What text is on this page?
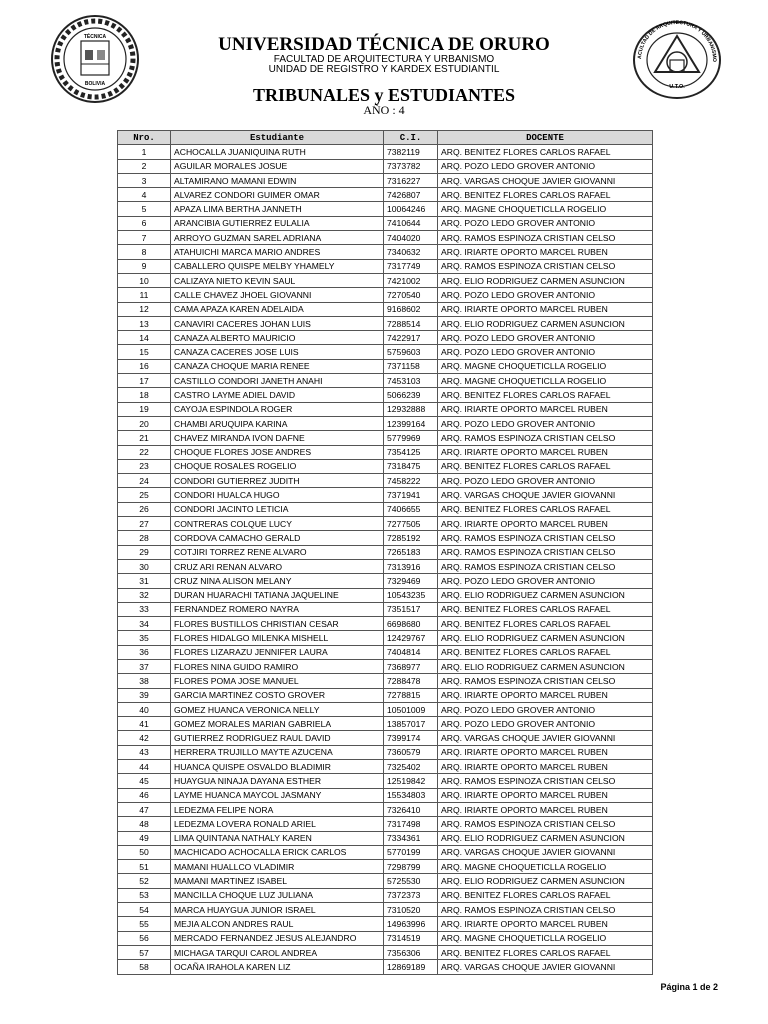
TÉCNICA
BOLIVIA
ACULTAD DE ARQUITECTURA Y URBANISMO
U.T.O.
UNIVERSIDAD TÉCNICA DE ORURO
FACULTAD DE ARQUITECTURA Y URBANISMO
UNIDAD DE REGISTRO Y KARDEX ESTUDIANTIL
TRIBUNALES y ESTUDIANTES
AÑO : 4
Nro.	Estudiante	C.I.	DOCENTE
1	ACHOCALLA JUANIQUINA RUTH	7382119	ARQ. BENITEZ FLORES CARLOS RAFAEL
2	AGUILAR MORALES JOSUE	7373782	ARQ. POZO LEDO GROVER ANTONIO
3	ALTAMIRANO MAMANI EDWIN	7316227	ARQ. VARGAS CHOQUE JAVIER GIOVANNI
4	ALVAREZ CONDORI GUIMER OMAR	7426807	ARQ. BENITEZ FLORES CARLOS RAFAEL
5	APAZA LIMA BERTHA JANNETH	10064246	ARQ. MAGNE CHOQUETICLLA ROGELIO
6	ARANCIBIA GUTIERREZ EULALIA	7410644	ARQ. POZO LEDO GROVER ANTONIO
7	ARROYO GUZMAN SAREL ADRIANA	7404020	ARQ. RAMOS ESPINOZA CRISTIAN CELSO
8	ATAHUICHI MARCA MARIO ANDRES	7340632	ARQ. IRIARTE OPORTO MARCEL RUBEN
9	CABALLERO QUISPE MELBY YHAMELY	7317749	ARQ. RAMOS ESPINOZA CRISTIAN CELSO
10	CALIZAYA NIETO KEVIN SAUL	7421002	ARQ. ELIO RODRIGUEZ CARMEN ASUNCION
11	CALLE CHAVEZ JHOEL GIOVANNI	7270540	ARQ. POZO LEDO GROVER ANTONIO
12	CAMA APAZA KAREN ADELAIDA	9168602	ARQ. IRIARTE OPORTO MARCEL RUBEN
13	CANAVIRI CACERES JOHAN LUIS	7288514	ARQ. ELIO RODRIGUEZ CARMEN ASUNCION
14	CANAZA ALBERTO MAURICIO	7422917	ARQ. POZO LEDO GROVER ANTONIO
15	CANAZA CACERES JOSE LUIS	5759603	ARQ. POZO LEDO GROVER ANTONIO
16	CANAZA CHOQUE MARIA RENEE	7371158	ARQ. MAGNE CHOQUETICLLA ROGELIO
17	CASTILLO CONDORI JANETH ANAHI	7453103	ARQ. MAGNE CHOQUETICLLA ROGELIO
18	CASTRO LAYME ADIEL DAVID	5066239	ARQ. BENITEZ FLORES CARLOS RAFAEL
19	CAYOJA ESPINDOLA ROGER	12932888	ARQ. IRIARTE OPORTO MARCEL RUBEN
20	CHAMBI ARUQUIPA KARINA	12399164	ARQ. POZO LEDO GROVER ANTONIO
21	CHAVEZ MIRANDA IVON DAFNE	5779969	ARQ. RAMOS ESPINOZA CRISTIAN CELSO
22	CHOQUE FLORES JOSE ANDRES	7354125	ARQ. IRIARTE OPORTO MARCEL RUBEN
23	CHOQUE ROSALES ROGELIO	7318475	ARQ. BENITEZ FLORES CARLOS RAFAEL
24	CONDORI GUTIERREZ JUDITH	7458222	ARQ. POZO LEDO GROVER ANTONIO
25	CONDORI HUALCA HUGO	7371941	ARQ. VARGAS CHOQUE JAVIER GIOVANNI
26	CONDORI JACINTO LETICIA	7406655	ARQ. BENITEZ FLORES CARLOS RAFAEL
27	CONTRERAS COLQUE LUCY	7277505	ARQ. IRIARTE OPORTO MARCEL RUBEN
28	CORDOVA CAMACHO GERALD	7285192	ARQ. RAMOS ESPINOZA CRISTIAN CELSO
29	COTJIRI TORREZ RENE ALVARO	7265183	ARQ. RAMOS ESPINOZA CRISTIAN CELSO
30	CRUZ ARI RENAN ALVARO	7313916	ARQ. RAMOS ESPINOZA CRISTIAN CELSO
31	CRUZ NINA ALISON MELANY	7329469	ARQ. POZO LEDO GROVER ANTONIO
32	DURAN HUARACHI TATIANA JAQUELINE	10543235	ARQ. ELIO RODRIGUEZ CARMEN ASUNCION
33	FERNANDEZ ROMERO NAYRA	7351517	ARQ. BENITEZ FLORES CARLOS RAFAEL
34	FLORES BUSTILLOS CHRISTIAN CESAR	6698680	ARQ. BENITEZ FLORES CARLOS RAFAEL
35	FLORES HIDALGO MILENKA MISHELL	12429767	ARQ. ELIO RODRIGUEZ CARMEN ASUNCION
36	FLORES LIZARAZU JENNIFER LAURA	7404814	ARQ. BENITEZ FLORES CARLOS RAFAEL
37	FLORES NINA GUIDO RAMIRO	7368977	ARQ. ELIO RODRIGUEZ CARMEN ASUNCION
38	FLORES POMA JOSE MANUEL	7288478	ARQ. RAMOS ESPINOZA CRISTIAN CELSO
39	GARCIA MARTINEZ COSTO GROVER	7278815	ARQ. IRIARTE OPORTO MARCEL RUBEN
40	GOMEZ HUANCA VERONICA NELLY	10501009	ARQ. POZO LEDO GROVER ANTONIO
41	GOMEZ MORALES MARIAN GABRIELA	13857017	ARQ. POZO LEDO GROVER ANTONIO
42	GUTIERREZ RODRIGUEZ RAUL DAVID	7399174	ARQ. VARGAS CHOQUE JAVIER GIOVANNI
43	HERRERA TRUJILLO MAYTE AZUCENA	7360579	ARQ. IRIARTE OPORTO MARCEL RUBEN
44	HUANCA QUISPE OSVALDO BLADIMIR	7325402	ARQ. IRIARTE OPORTO MARCEL RUBEN
45	HUAYGUA NINAJA DAYANA ESTHER	12519842	ARQ. RAMOS ESPINOZA CRISTIAN CELSO
46	LAYME HUANCA MAYCOL JASMANY	15534803	ARQ. IRIARTE OPORTO MARCEL RUBEN
47	LEDEZMA FELIPE NORA	7326410	ARQ. IRIARTE OPORTO MARCEL RUBEN
48	LEDEZMA LOVERA RONALD ARIEL	7317498	ARQ. RAMOS ESPINOZA CRISTIAN CELSO
49	LIMA QUINTANA NATHALY KAREN	7334361	ARQ. ELIO RODRIGUEZ CARMEN ASUNCION
50	MACHICADO ACHOCALLA ERICK CARLOS	5770199	ARQ. VARGAS CHOQUE JAVIER GIOVANNI
51	MAMANI HUALLCO VLADIMIR	7298799	ARQ. MAGNE CHOQUETICLLA ROGELIO
52	MAMANI MARTINEZ ISABEL	5725530	ARQ. ELIO RODRIGUEZ CARMEN ASUNCION
53	MANCILLA CHOQUE LUZ JULIANA	7372373	ARQ. BENITEZ FLORES CARLOS RAFAEL
54	MARCA HUAYGUA JUNIOR ISRAEL	7310520	ARQ. RAMOS ESPINOZA CRISTIAN CELSO
55	MEJIA ALCON ANDRES RAUL	14963996	ARQ. IRIARTE OPORTO MARCEL RUBEN
56	MERCADO FERNANDEZ JESUS ALEJANDRO	7314519	ARQ. MAGNE CHOQUETICLLA ROGELIO
57	MICHAGA TARQUI CAROL ANDREA	7356306	ARQ. BENITEZ FLORES CARLOS RAFAEL
58	OCAÑA IRAHOLA KAREN LIZ	12869189	ARQ. VARGAS CHOQUE JAVIER GIOVANNI
Página 1 de 2
